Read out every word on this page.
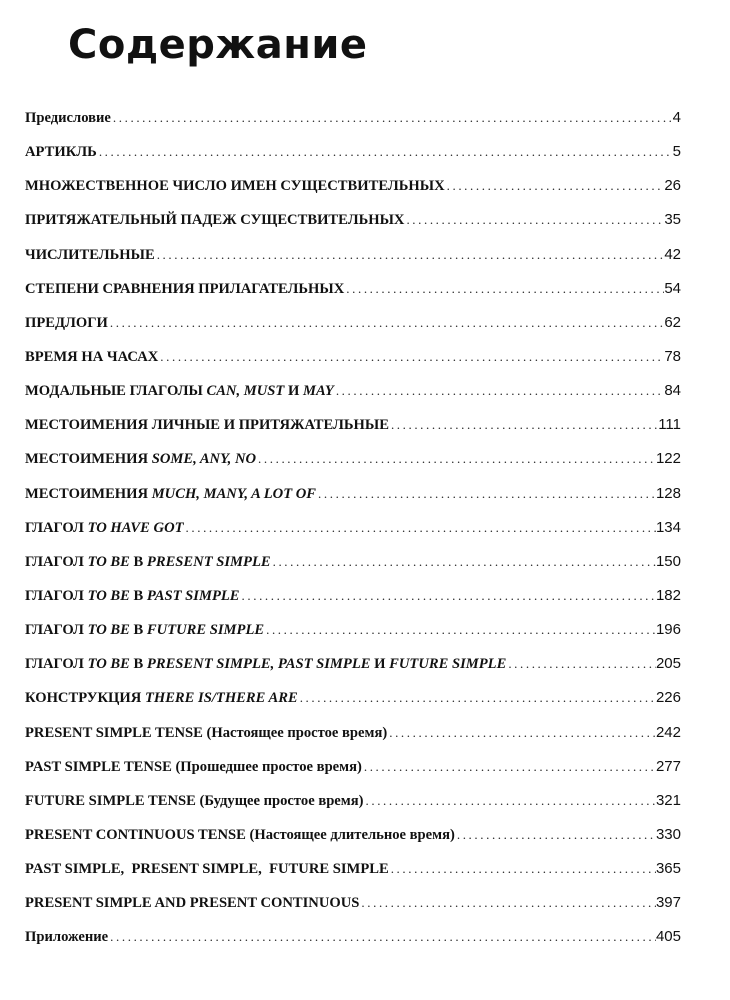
Содержание
Предисловие .....	4
АРТИКЛЬ .....	5
МНОЖЕСТВЕННОЕ ЧИСЛО ИМЕН СУЩЕСТВИТЕЛЬНЫХ .....	26
ПРИТЯЖАТЕЛЬНЫЙ ПАДЕЖ СУЩЕСТВИТЕЛЬНЫХ .....	35
ЧИСЛИТЕЛЬНЫЕ .....	42
СТЕПЕНИ СРАВНЕНИЯ ПРИЛАГАТЕЛЬНЫХ .....	54
ПРЕДЛОГИ .....	62
ВРЕМЯ НА ЧАСАХ .....	78
МОДАЛЬНЫЕ ГЛАГОЛЫ CAN, MUST И MAY .....	84
МЕСТОИМЕНИЯ ЛИЧНЫЕ И ПРИТЯЖАТЕЛЬНЫЕ .....	111
МЕСТОИМЕНИЯ SOME, ANY, NO .....	122
МЕСТОИМЕНИЯ MUCH, MANY, A LOT OF .....	128
ГЛАГОЛ TO HAVE GOT .....	134
ГЛАГОЛ TO BE В PRESENT SIMPLE .....	150
ГЛАГОЛ TO BE В PAST SIMPLE .....	182
ГЛАГОЛ TO BE В FUTURE SIMPLE .....	196
ГЛАГОЛ TO BE В PRESENT SIMPLE, PAST SIMPLE И FUTURE SIMPLE .....	205
КОНСТРУКЦИЯ THERE IS/THERE ARE .....	226
PRESENT SIMPLE TENSE (Настоящее простое время) .....	242
PAST SIMPLE TENSE (Прошедшее простое время) .....	277
FUTURE SIMPLE TENSE (Будущее простое время) .....	321
PRESENT CONTINUOUS TENSE (Настоящее длительное время) .....	330
PAST SIMPLE,  PRESENT SIMPLE,  FUTURE SIMPLE .....	365
PRESENT SIMPLE AND PRESENT CONTINUOUS .....	397
Приложение .....	405
